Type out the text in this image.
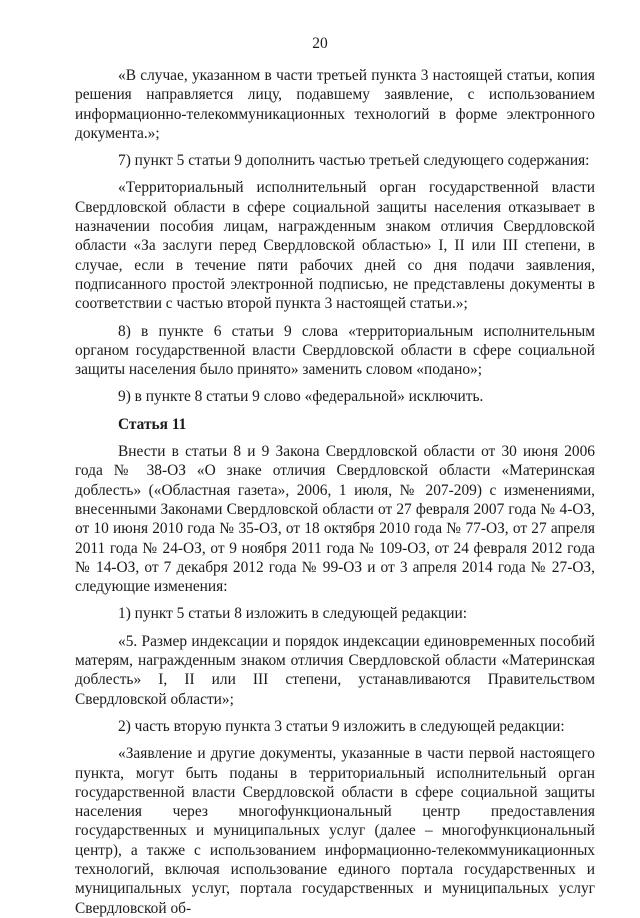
20

«В случае, указанном в части третьей пункта 3 настоящей статьи, копия решения направляется лицу, подавшему заявление, с использованием информационно-телекоммуникационных технологий в форме электронного документа.»;

7) пункт 5 статьи 9 дополнить частью третьей следующего содержания:

«Территориальный исполнительный орган государственной власти Свердловской области в сфере социальной защиты населения отказывает в назначении пособия лицам, награжденным знаком отличия Свердловской области «За заслуги перед Свердловской областью» I, II или III степени, в случае, если в течение пяти рабочих дней со дня подачи заявления, подписанного простой электронной подписью, не представлены документы в соответствии с частью второй пункта 3 настоящей статьи.»;

8) в пункте 6 статьи 9 слова «территориальным исполнительным органом государственной власти Свердловской области в сфере социальной защиты населения было принято» заменить словом «подано»;

9) в пункте 8 статьи 9 слово «федеральной» исключить.

Статья 11

Внести в статьи 8 и 9 Закона Свердловской области от 30 июня 2006 года № 38-ОЗ «О знаке отличия Свердловской области «Материнская доблесть» («Областная газета», 2006, 1 июля, № 207-209) с изменениями, внесенными Законами Свердловской области от 27 февраля 2007 года № 4-ОЗ, от 10 июня 2010 года № 35-ОЗ, от 18 октября 2010 года № 77-ОЗ, от 27 апреля 2011 года № 24-ОЗ, от 9 ноября 2011 года № 109-ОЗ, от 24 февраля 2012 года № 14-ОЗ, от 7 декабря 2012 года № 99-ОЗ и от 3 апреля 2014 года № 27-ОЗ, следующие изменения:

1) пункт 5 статьи 8 изложить в следующей редакции:

«5. Размер индексации и порядок индексации единовременных пособий матерям, награжденным знаком отличия Свердловской области «Материнская доблесть» I, II или III степени, устанавливаются Правительством Свердловской области»;

2) часть вторую пункта 3 статьи 9 изложить в следующей редакции:

«Заявление и другие документы, указанные в части первой настоящего пункта, могут быть поданы в территориальный исполнительный орган государственной власти Свердловской области в сфере социальной защиты населения через многофункциональный центр предоставления государственных и муниципальных услуг (далее – многофункциональный центр), а также с использованием информационно-телекоммуникационных технологий, включая использование единого портала государственных и муниципальных услуг, портала государственных и муниципальных услуг Свердловской об-
